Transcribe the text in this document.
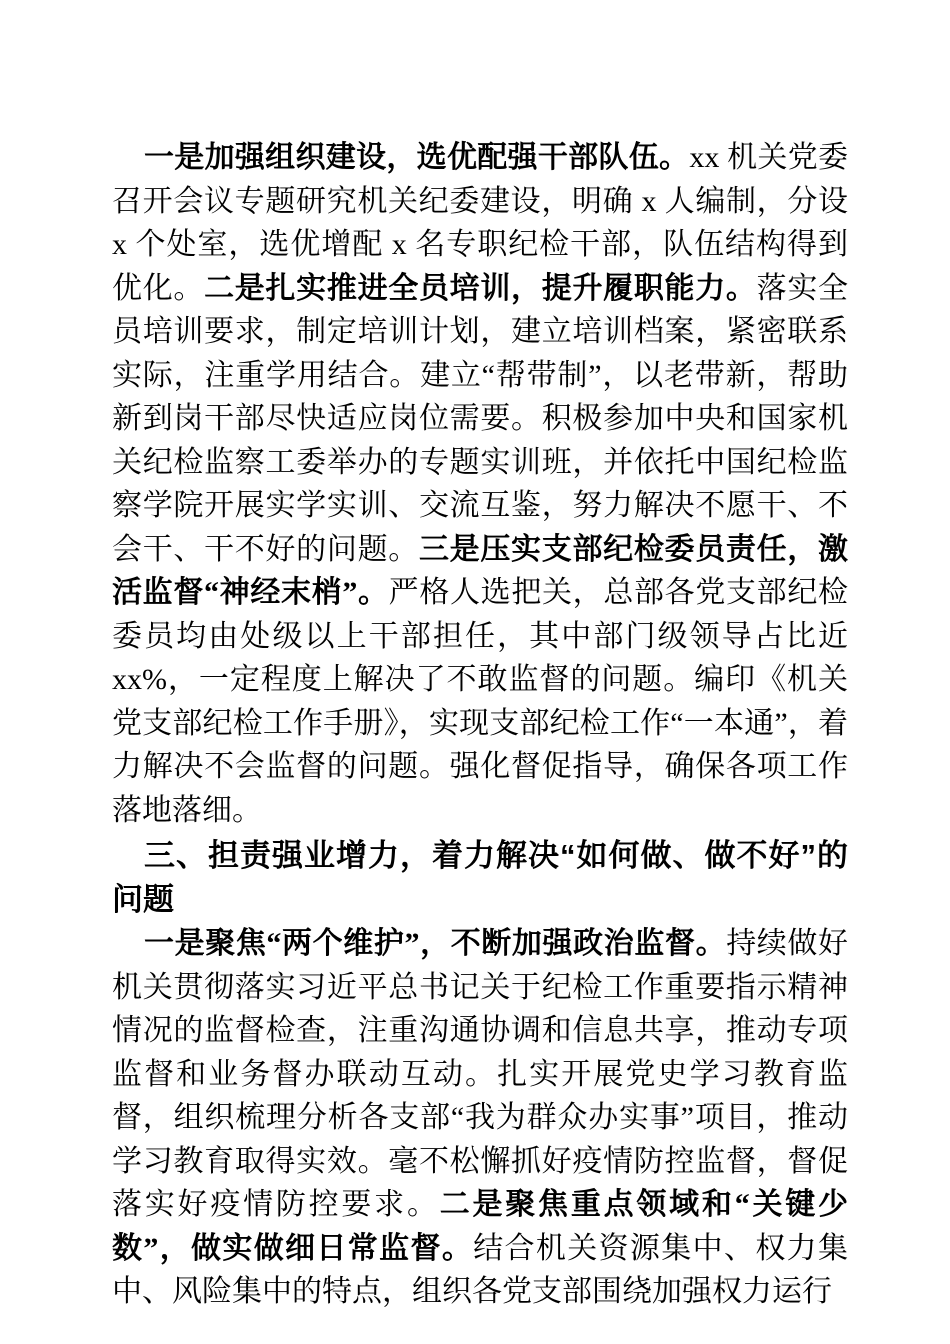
一是加强组织建设，选优配强干部队伍。xx 机关党委召开会议专题研究机关纪委建设，明确 x 人编制，分设 x 个处室，选优增配 x 名专职纪检干部，队伍结构得到优化。二是扎实推进全员培训，提升履职能力。落实全员培训要求，制定培训计划，建立培训档案，紧密联系实际，注重学用结合。建立“帮带制”，以老带新，帮助新到岗干部尽快适应岗位需要。积极参加中央和国家机关纪检监察工委举办的专题实训班，并依托中国纪检监察学院开展实学实训、交流互鉴，努力解决不愿干、不会干、干不好的问题。三是压实支部纪检委员责任，激活监督“神经末梢”。严格人选把关，总部各党支部纪检委员均由处级以上干部担任，其中部门级领导占比近 xx%，一定程度上解决了不敢监督的问题。编印《机关党支部纪检工作手册》，实现支部纪检工作“一本通”，着力解决不会监督的问题。强化督促指导，确保各项工作落地落细。

三、担责强业增力，着力解决“如何做、做不好”的问题

一是聚焦“两个维护”，不断加强政治监督。持续做好机关贯彻落实习近平总书记关于纪检工作重要指示精神情况的监督检查，注重沟通协调和信息共享，推动专项监督和业务督办联动互动。扎实开展党史学习教育监督，组织梳理分析各支部“我为群众办实事”项目，推动学习教育取得实效。毫不松懈抓好疫情防控监督，督促落实好疫情防控要求。二是聚焦重点领域和“关键少数”，做实做细日常监督。结合机关资源集中、权力集中、风险集中的特点，组织各党支部围绕加强权力运行
